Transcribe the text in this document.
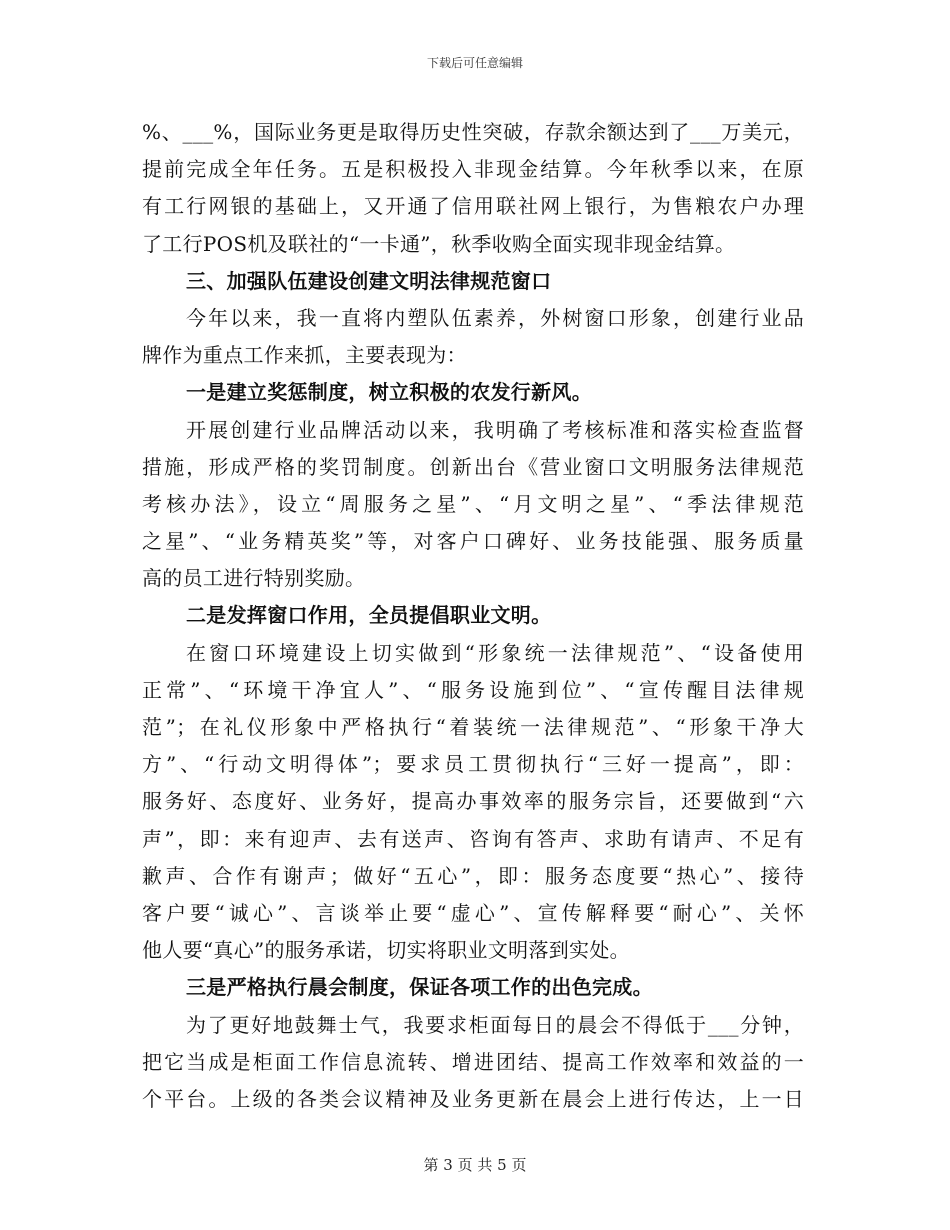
下载后可任意编辑
%、___%，国际业务更是取得历史性突破，存款余额达到了___万美元，
提前完成全年任务。五是积极投入非现金结算。今年秋季以来，在原
有工行网银的基础上，又开通了信用联社网上银行，为售粮农户办理
了工行POS机及联社的“一卡通”，秋季收购全面实现非现金结算。
三、加强队伍建设创建文明法律规范窗口
今年以来，我一直将内塑队伍素养，外树窗口形象，创建行业品
牌作为重点工作来抓，主要表现为：
一是建立奖惩制度，树立积极的农发行新风。
开展创建行业品牌活动以来，我明确了考核标准和落实检查监督
措施，形成严格的奖罚制度。创新出台《营业窗口文明服务法律规范
考核办法》，设立“周服务之星”、“月文明之星”、“季法律规范
之星”、“业务精英奖”等，对客户口碑好、业务技能强、服务质量
高的员工进行特别奖励。
二是发挥窗口作用，全员提倡职业文明。
在窗口环境建设上切实做到“形象统一法律规范”、“设备使用
正常”、“环境干净宜人”、“服务设施到位”、“宣传醒目法律规
范”；在礼仪形象中严格执行“着装统一法律规范”、“形象干净大
方”、“行动文明得体”；要求员工贯彻执行“三好一提高”，即：
服务好、态度好、业务好，提高办事效率的服务宗旨，还要做到“六
声”，即：来有迎声、去有送声、咨询有答声、求助有请声、不足有
歉声、合作有谢声；做好“五心”，即：服务态度要“热心”、接待
客户要“诚心”、言谈举止要“虚心”、宣传解释要“耐心”、关怀
他人要“真心”的服务承诺，切实将职业文明落到实处。
三是严格执行晨会制度，保证各项工作的出色完成。
为了更好地鼓舞士气，我要求柜面每日的晨会不得低于___分钟，
把它当成是柜面工作信息流转、增进团结、提高工作效率和效益的一
个平台。上级的各类会议精神及业务更新在晨会上进行传达，上一日
第 3 页 共 5 页
